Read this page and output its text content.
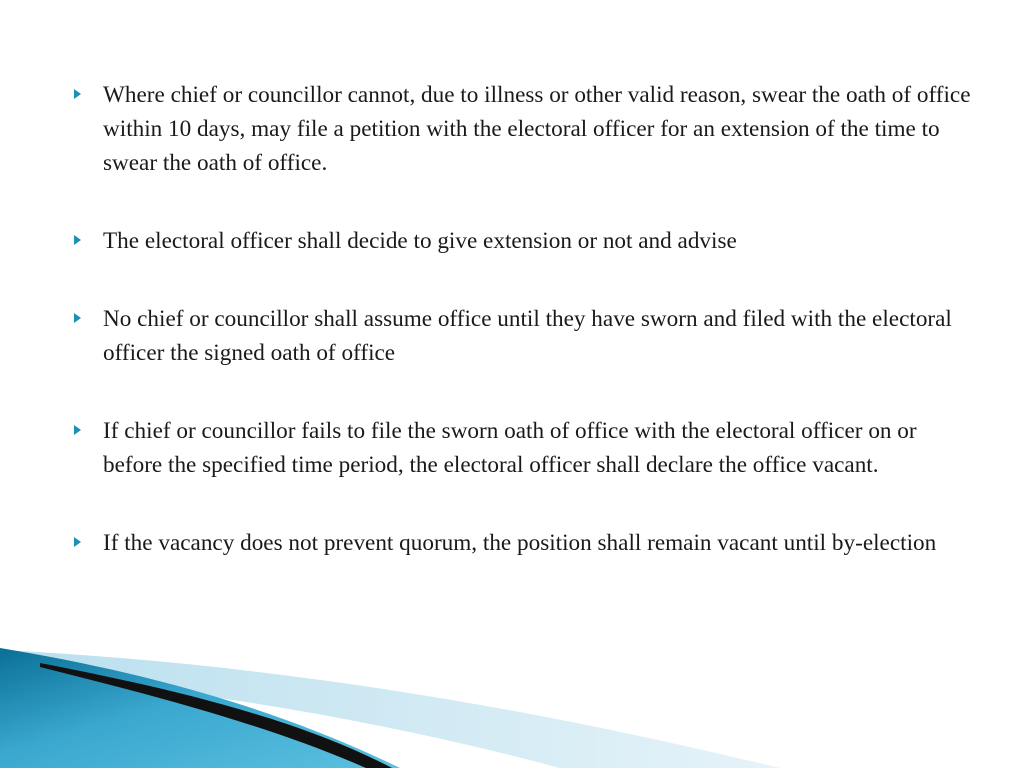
Where chief or councillor cannot, due to illness or other valid reason, swear the oath of office within 10 days, may file a petition with the electoral officer for an extension of the time to swear the oath of office.
The electoral officer shall decide to give extension or not and advise
No chief or councillor shall assume office until they have sworn and filed with the electoral officer the signed oath of office
If chief or councillor fails to file the sworn oath of office with the electoral officer on or before the specified time period, the electoral officer shall declare the office vacant.
If the vacancy does not prevent quorum, the position shall remain vacant until by-election
